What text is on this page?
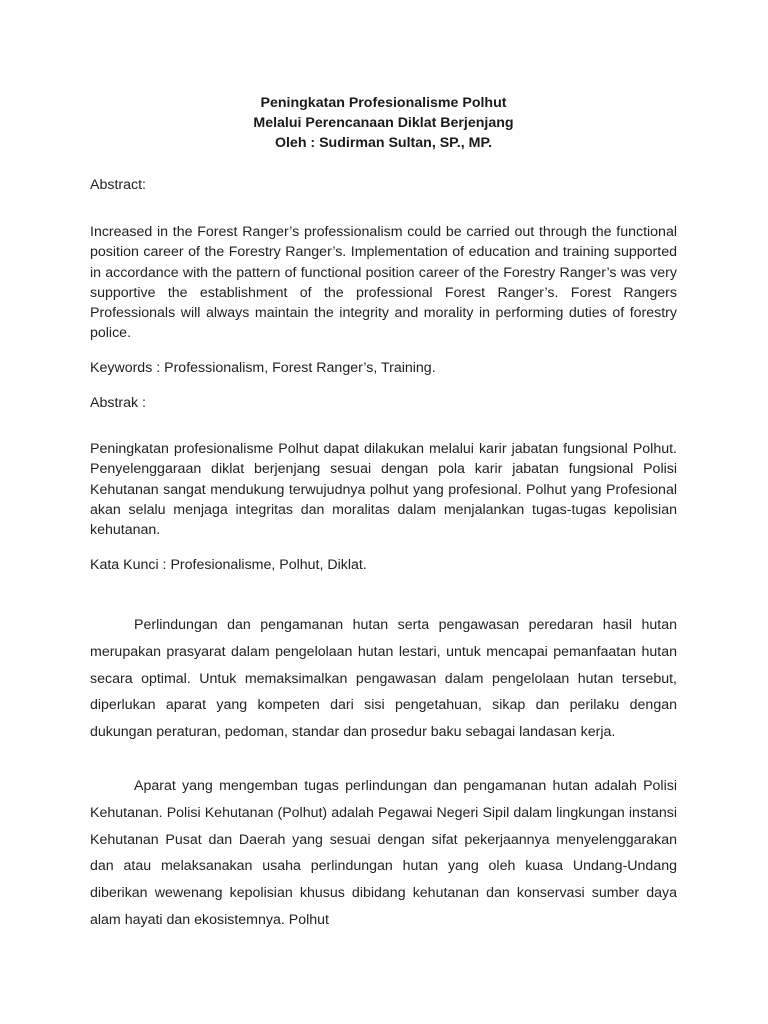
Peningkatan Profesionalisme Polhut
Melalui Perencanaan Diklat Berjenjang
Oleh : Sudirman Sultan, SP., MP.
Abstract:
Increased in the Forest Ranger’s professionalism could be carried out through the functional position career of the Forestry Ranger’s. Implementation of education and training supported in accordance with the pattern of functional position career of the Forestry Ranger’s was very supportive the establishment of the professional Forest Ranger’s. Forest Rangers Professionals will always maintain the integrity and morality in performing duties of forestry police.
Keywords : Professionalism, Forest Ranger’s, Training.
Abstrak :
Peningkatan profesionalisme Polhut dapat dilakukan melalui karir jabatan fungsional Polhut. Penyelenggaraan diklat berjenjang sesuai dengan pola karir jabatan fungsional Polisi Kehutanan sangat mendukung terwujudnya polhut yang profesional. Polhut yang Profesional akan selalu menjaga integritas dan moralitas dalam menjalankan tugas-tugas kepolisian kehutanan.
Kata Kunci : Profesionalisme, Polhut, Diklat.
Perlindungan dan pengamanan hutan serta pengawasan peredaran hasil hutan merupakan prasyarat dalam pengelolaan hutan lestari, untuk mencapai pemanfaatan hutan secara optimal. Untuk memaksimalkan pengawasan dalam pengelolaan hutan tersebut, diperlukan aparat yang kompeten dari sisi pengetahuan, sikap dan perilaku dengan dukungan peraturan, pedoman, standar dan prosedur baku sebagai landasan kerja.
Aparat yang mengemban tugas perlindungan dan pengamanan hutan adalah Polisi Kehutanan. Polisi Kehutanan (Polhut) adalah Pegawai Negeri Sipil dalam lingkungan instansi Kehutanan Pusat dan Daerah yang sesuai dengan sifat pekerjaannya menyelenggarakan dan atau melaksanakan usaha perlindungan hutan yang oleh kuasa Undang-Undang diberikan wewenang kepolisian khusus dibidang kehutanan dan konservasi sumber daya alam hayati dan ekosistemnya. Polhut
